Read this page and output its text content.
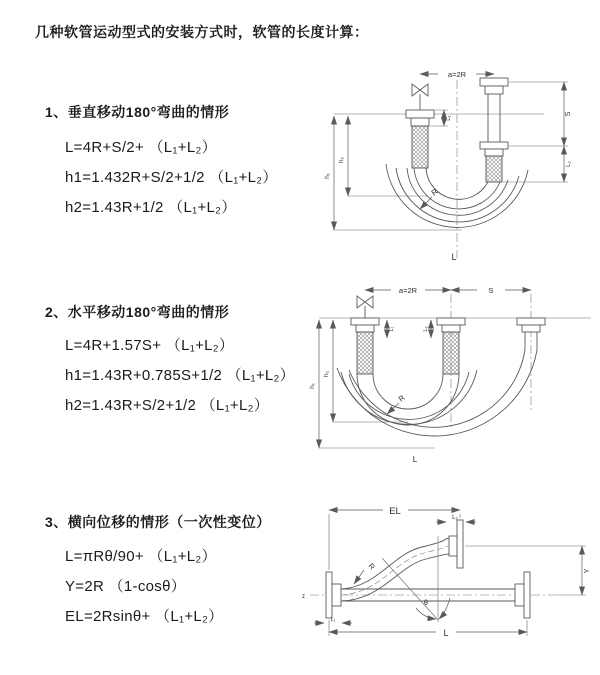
几种软管运动型式的安装方式时，软管的长度计算：
1、垂直移动180°弯曲的情形
L=4R+S/2+ （L₁+L₂）
h1=1.432R+S/2+1/2 （L₁+L₂）
h2=1.43R+1/2 （L₁+L₂）
a=2R
h₁
h₂
L₁
S
L₂
R
L
2、水平移动180°弯曲的情形
L=4R+1.57S+ （L₁+L₂）
h1=1.43R+0.785S+1/2 （L₁+L₂）
h2=1.43R+S/2+1/2 （L₁+L₂）
a=2R	S
L₁	L₂
h₁
h₂
R
L
3、横向位移的情形（一次性变位）
L=πRθ/90+ （L₁+L₂）
Y=2R （1-cosθ）
EL=2Rsinθ+ （L₁+L₂）
z
EL
L₂
Y
L₁
L
θ
R
